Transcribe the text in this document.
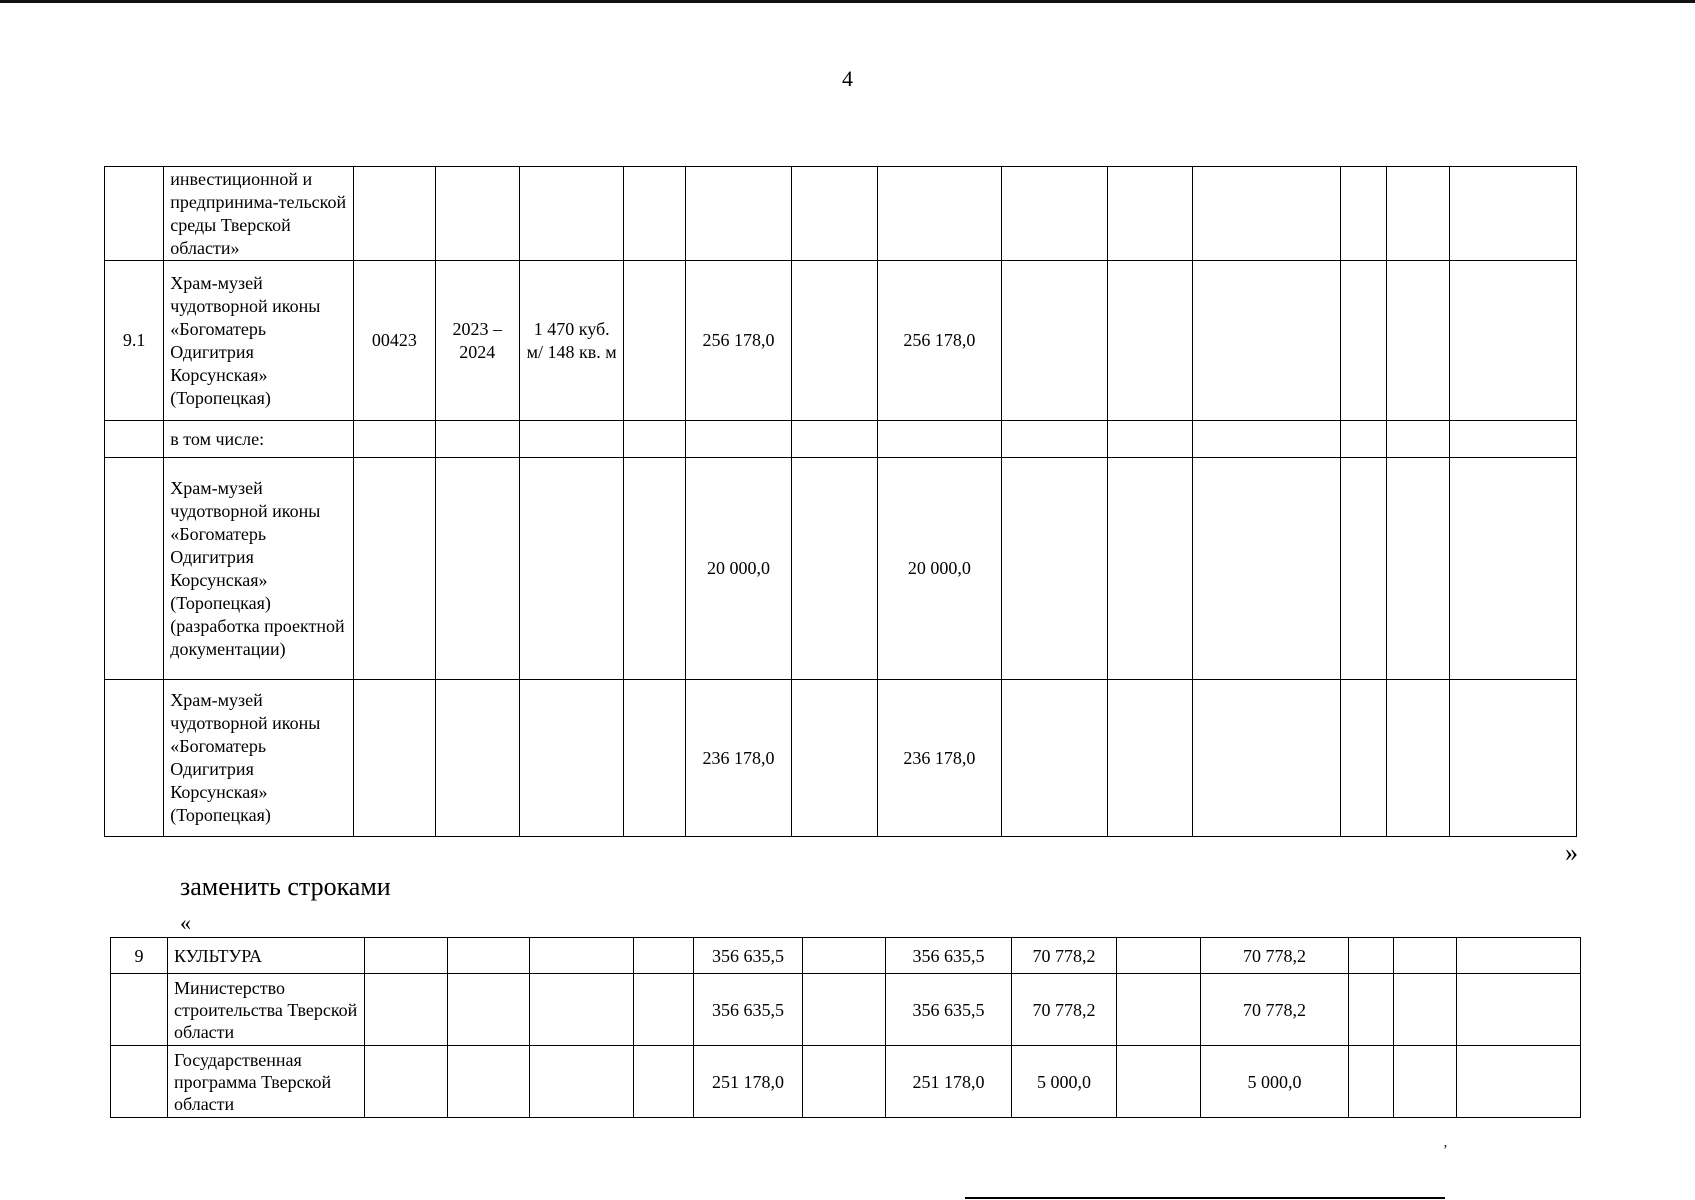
4
	инвестиционной и предпринима-тельской среды Тверской области»													
9.1	Храм-музей чудотворной иконы «Богоматерь Одигитрия Корсунская» (Торопецкая)	00423	2023 – 2024	1 470 куб. м/ 148 кв. м		256 178,0		256 178,0						
	в том числе:													
	Храм-музей чудотворной иконы «Богоматерь Одигитрия Корсунская» (Торопецкая) (разработка проектной документации)					20 000,0		20 000,0						
	Храм-музей чудотворной иконы «Богоматерь Одигитрия Корсунская» (Торопецкая)					236 178,0		236 178,0						
»
заменить строками
«
9	КУЛЬТУРА					356 635,5		356 635,5	70 778,2		70 778,2			
	Министерство строительства Тверской области					356 635,5		356 635,5	70 778,2		70 778,2			
	Государственная программа Тверской области					251 178,0		251 178,0	5 000,0		5 000,0			
’
